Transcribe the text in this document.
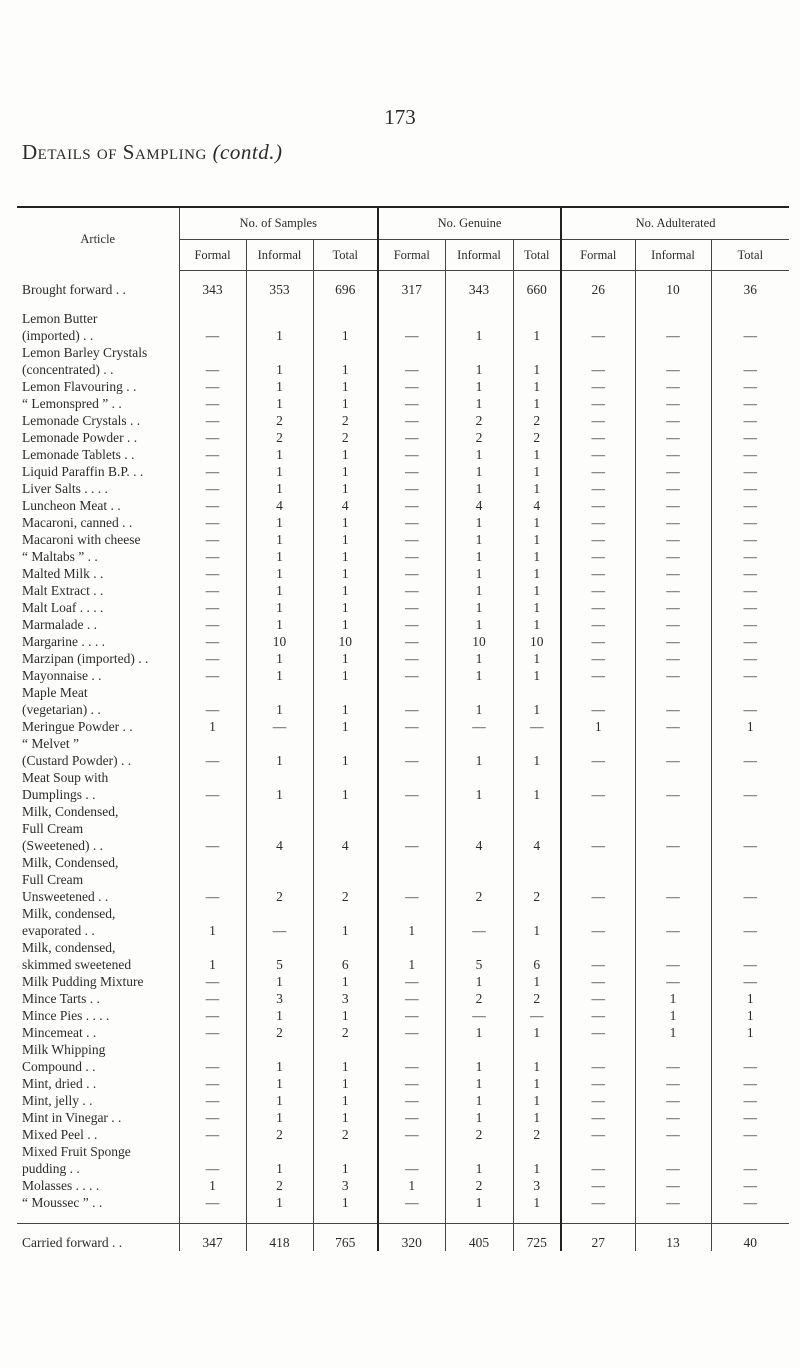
173
Details of Sampling (contd.)
Article	No. of Samples			No. Genuine			No. Adulterated		
	Formal	Informal	Total	Formal	Informal	Total	Formal	Informal	Total
Brought forward . .	343	353	696	317	343	660	26	10	36

Lemon Butter
(imported) . .	—	1	1	—	1	1	—	—	—

Lemon Barley Crystals
(concentrated) . .	—	1	1	—	1	1	—	—	—

Lemon Flavouring . .	—	1	1	—	1	1	—	—	—

“ Lemonspred ” . .	—	1	1	—	1	1	—	—	—

Lemonade Crystals . .	—	2	2	—	2	2	—	—	—

Lemonade Powder . .	—	2	2	—	2	2	—	—	—

Lemonade Tablets . .	—	1	1	—	1	1	—	—	—

Liquid Paraffin B.P. . .	—	1	1	—	1	1	—	—	—

Liver Salts . . . .	—	1	1	—	1	1	—	—	—

Luncheon Meat . .	—	4	4	—	4	4	—	—	—

Macaroni, canned . .	—	1	1	—	1	1	—	—	—

Macaroni with cheese	—	1	1	—	1	1	—	—	—

“ Maltabs ” . .	—	1	1	—	1	1	—	—	—

Malted Milk . .	—	1	1	—	1	1	—	—	—

Malt Extract . .	—	1	1	—	1	1	—	—	—

Malt Loaf . . . .	—	1	1	—	1	1	—	—	—

Marmalade . .	—	1	1	—	1	1	—	—	—

Margarine . . . .	—	10	10	—	10	10	—	—	—

Marzipan (imported) . .	—	1	1	—	1	1	—	—	—

Mayonnaise . .	—	1	1	—	1	1	—	—	—

Maple Meat
(vegetarian) . .	—	1	1	—	1	1	—	—	—

Meringue Powder . .	1	—	1	—	—	—	1	—	1

“ Melvet ”
(Custard Powder) . .	—	1	1	—	1	1	—	—	—

Meat Soup with
Dumplings . .	—	1	1	—	1	1	—	—	—

Milk, Condensed,
Full Cream
(Sweetened) . .	—	4	4	—	4	4	—	—	—

Milk, Condensed,
Full Cream
Unsweetened . .	—	2	2	—	2	2	—	—	—

Milk, condensed,
evaporated . .	1	—	1	1	—	1	—	—	—

Milk, condensed,
skimmed sweetened	1	5	6	1	5	6	—	—	—

Milk Pudding Mixture	—	1	1	—	1	1	—	—	—

Mince Tarts . .	—	3	3	—	2	2	—	1	1

Mince Pies . . . .	—	1	1	—	—	—	—	1	1

Mincemeat . .	—	2	2	—	1	1	—	1	1

Milk Whipping
Compound . .	—	1	1	—	1	1	—	—	—

Mint, dried . .	—	1	1	—	1	1	—	—	—

Mint, jelly . .	—	1	1	—	1	1	—	—	—

Mint in Vinegar . .	—	1	1	—	1	1	—	—	—

Mixed Peel . .	—	2	2	—	2	2	—	—	—

Mixed Fruit Sponge
pudding . .	—	1	1	—	1	1	—	—	—

Molasses . . . .	1	2	3	1	2	3	—	—	—

“ Moussec ” . .	—	1	1	—	1	1	—	—	—

Carried forward . .	347	418	765	320	405	725	27	13	40
